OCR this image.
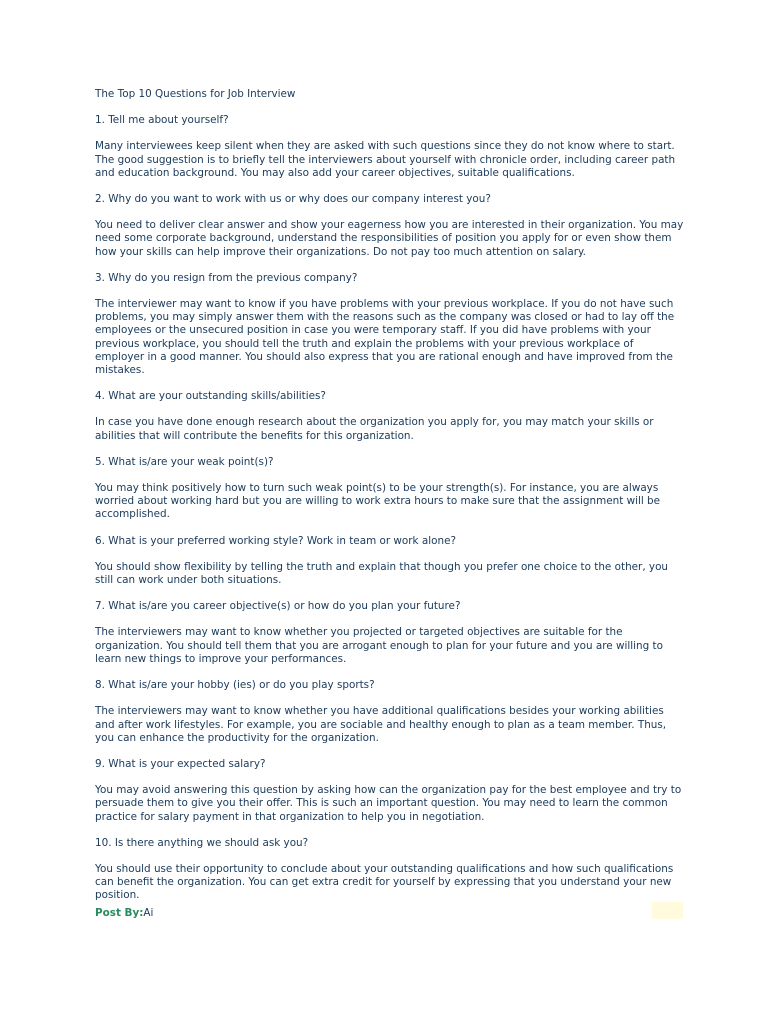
The Top 10 Questions for Job Interview

1. Tell me about yourself?

Many interviewees keep silent when they are asked with such questions since they do not know where to start. The good suggestion is to briefly tell the interviewers about yourself with chronicle order, including career path and education background. You may also add your career objectives, suitable qualifications.

2. Why do you want to work with us or why does our company interest you?

You need to deliver clear answer and show your eagerness how you are interested in their organization. You may need some corporate background, understand the responsibilities of position you apply for or even show them how your skills can help improve their organizations. Do not pay too much attention on salary.

3. Why do you resign from the previous company?

The interviewer may want to know if you have problems with your previous workplace. If you do not have such problems, you may simply answer them with the reasons such as the company was closed or had to lay off the employees or the unsecured position in case you were temporary staff. If you did have problems with your previous workplace, you should tell the truth and explain the problems with your previous workplace of employer in a good manner. You should also express that you are rational enough and have improved from the mistakes.

4. What are your outstanding skills/abilities?

In case you have done enough research about the organization you apply for, you may match your skills or abilities that will contribute the benefits for this organization.

5. What is/are your weak point(s)?

You may think positively how to turn such weak point(s) to be your strength(s). For instance, you are always worried about working hard but you are willing to work extra hours to make sure that the assignment will be accomplished.

6. What is your preferred working style? Work in team or work alone?

You should show flexibility by telling the truth and explain that though you prefer one choice to the other, you still can work under both situations.

7. What is/are you career objective(s) or how do you plan your future?

The interviewers may want to know whether you projected or targeted objectives are suitable for the organization. You should tell them that you are arrogant enough to plan for your future and you are willing to learn new things to improve your performances.

8. What is/are your hobby (ies) or do you play sports?

The interviewers may want to know whether you have additional qualifications besides your working abilities and after work lifestyles. For example, you are sociable and healthy enough to plan as a team member. Thus, you can enhance the productivity for the organization.

9. What is your expected salary?

You may avoid answering this question by asking how can the organization pay for the best employee and try to persuade them to give you their offer. This is such an important question. You may need to learn the common practice for salary payment in that organization to help you in negotiation.

10. Is there anything we should ask you?

You should use their opportunity to conclude about your outstanding qualifications and how such qualifications can benefit the organization. You can get extra credit for yourself by expressing that you understand your new position.

Post By:Ai
